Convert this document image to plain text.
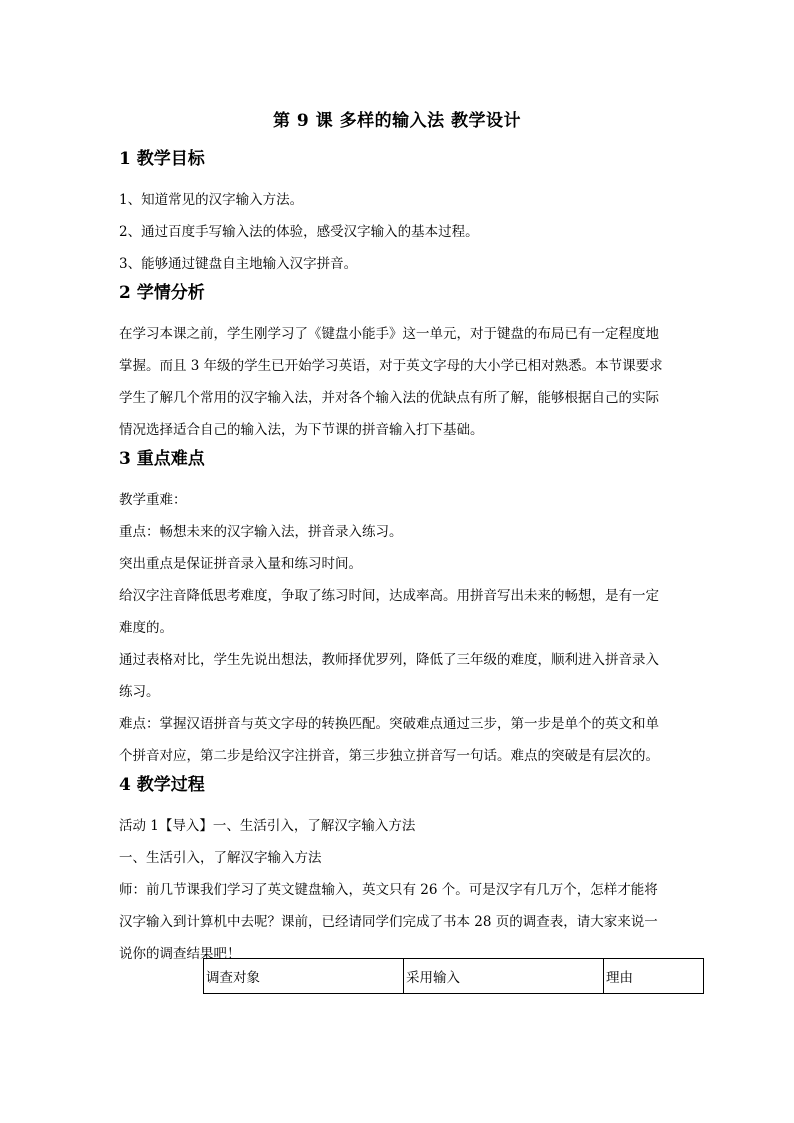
第 9 课 多样的输入法 教学设计
1 教学目标

1、知道常见的汉字输入方法。

2、通过百度手写输入法的体验，感受汉字输入的基本过程。

3、能够通过键盘自主地输入汉字拼音。

2 学情分析

在学习本课之前，学生刚学习了《键盘小能手》这一单元，对于键盘的布局已有一定程度地

掌握。而且 3 年级的学生已开始学习英语，对于英文字母的大小学已相对熟悉。本节课要求

学生了解几个常用的汉字输入法，并对各个输入法的优缺点有所了解，能够根据自己的实际

情况选择适合自己的输入法，为下节课的拼音输入打下基础。

3 重点难点

教学重难：

重点：畅想未来的汉字输入法，拼音录入练习。

突出重点是保证拼音录入量和练习时间。

给汉字注音降低思考难度，争取了练习时间，达成率高。用拼音写出未来的畅想，是有一定

难度的。

通过表格对比，学生先说出想法，教师择优罗列，降低了三年级的难度，顺利进入拼音录入

练习。

难点：掌握汉语拼音与英文字母的转换匹配。突破难点通过三步，第一步是单个的英文和单

个拼音对应，第二步是给汉字注拼音，第三步独立拼音写一句话。难点的突破是有层次的。

4 教学过程

活动 1【导入】一、生活引入，了解汉字输入方法

一、生活引入，了解汉字输入方法

师：前几节课我们学习了英文键盘输入，英文只有 26 个。可是汉字有几万个，怎样才能将

汉字输入到计算机中去呢？课前，已经请同学们完成了书本 28 页的调查表，请大家来说一

说你的调查结果吧！

调查对象	采用输入	理由
